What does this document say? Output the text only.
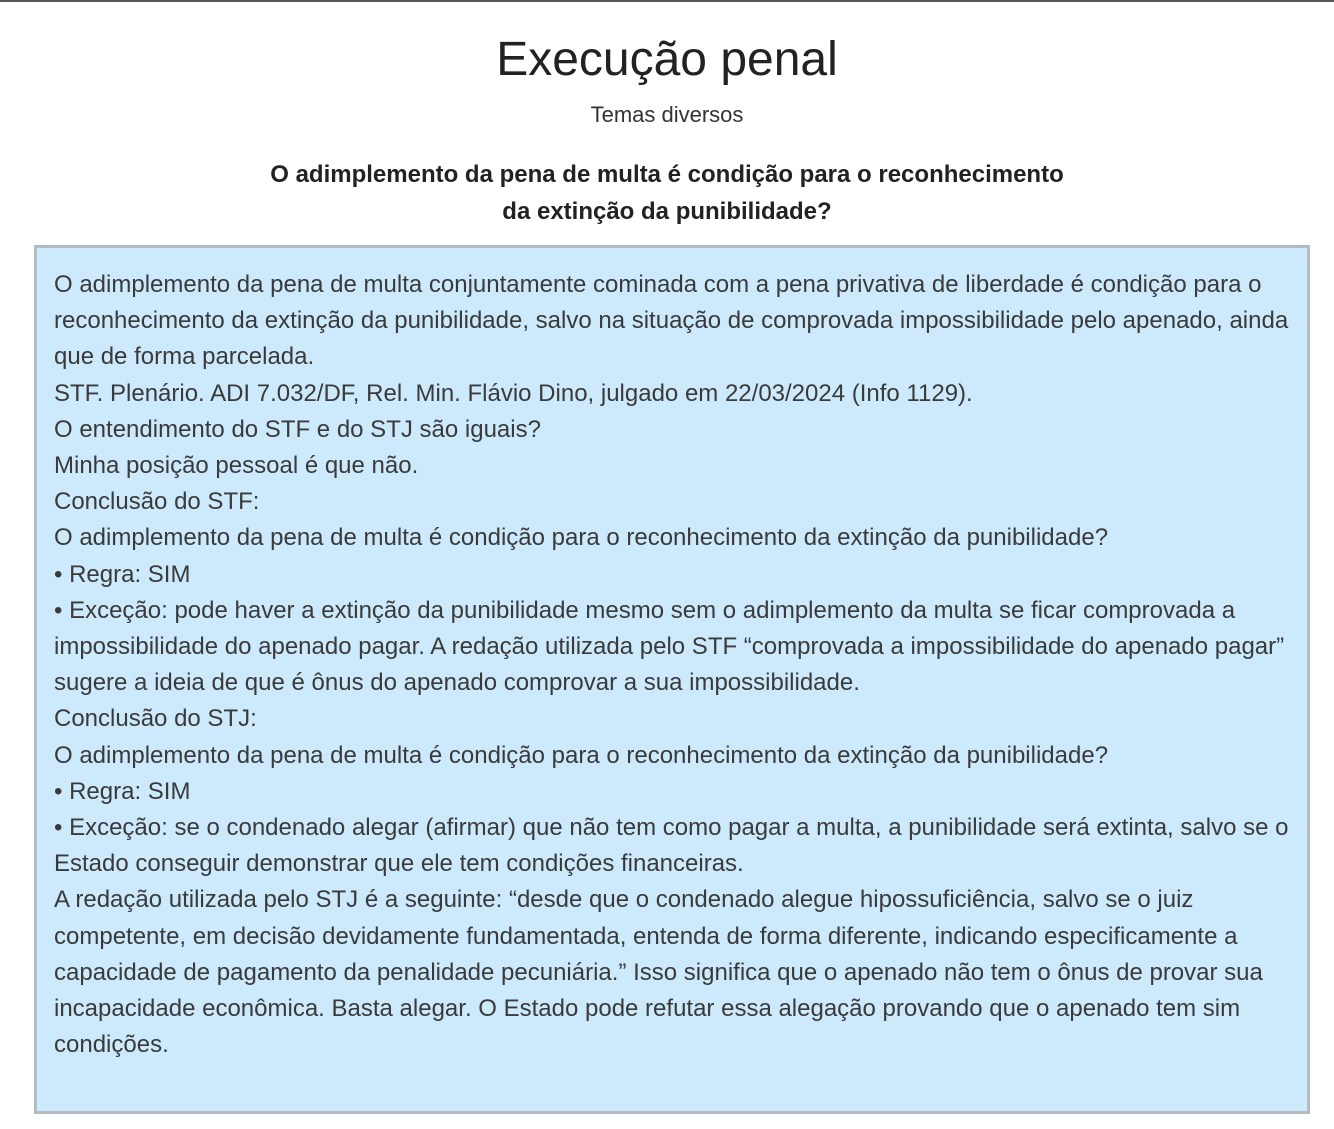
Execução penal
Temas diversos
O adimplemento da pena de multa é condição para o reconhecimento
da extinção da punibilidade?

O adimplemento da pena de multa conjuntamente cominada com a pena privativa de liberdade é condição para o reconhecimento da extinção da punibilidade, salvo na situação de comprovada impossibilidade pelo apenado, ainda que de forma parcelada.

STF. Plenário. ADI 7.032/DF, Rel. Min. Flávio Dino, julgado em 22/03/2024 (Info 1129).

O entendimento do STF e do STJ são iguais?

Minha posição pessoal é que não.

Conclusão do STF:

O adimplemento da pena de multa é condição para o reconhecimento da extinção da punibilidade?

• Regra: SIM

• Exceção: pode haver a extinção da punibilidade mesmo sem o adimplemento da multa se ficar comprovada a impossibilidade do apenado pagar. A redação utilizada pelo STF “comprovada a impossibilidade do apenado pagar” sugere a ideia de que é ônus do apenado comprovar a sua impossibilidade.

Conclusão do STJ:

O adimplemento da pena de multa é condição para o reconhecimento da extinção da punibilidade?

• Regra: SIM

• Exceção: se o condenado alegar (afirmar) que não tem como pagar a multa, a punibilidade será extinta, salvo se o Estado conseguir demonstrar que ele tem condições financeiras.

A redação utilizada pelo STJ é a seguinte: “desde que o condenado alegue hipossuficiência, salvo se o juiz competente, em decisão devidamente fundamentada, entenda de forma diferente, indicando especificamente a capacidade de pagamento da penalidade pecuniária.” Isso significa que o apenado não tem o ônus de provar sua incapacidade econômica. Basta alegar. O Estado pode refutar essa alegação provando que o apenado tem sim condições.
